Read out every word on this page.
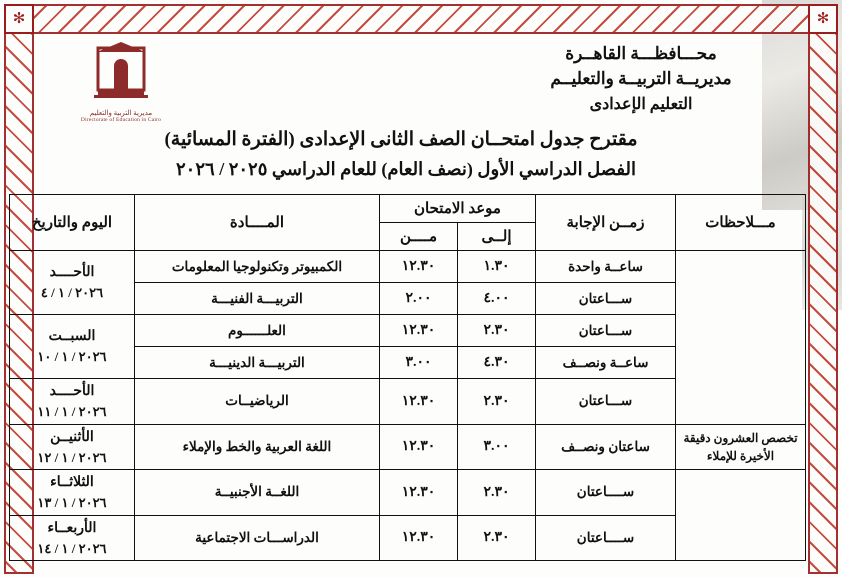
✻	✻
محـــافظـــة القاهــرة
مديريــة التربيــة والتعليــم
التعليم الإعدادى
مديرية التربية والتعليم
Directorate of Education in Cairo
مقترح جدول امتحــان الصف الثانى الإعدادى (الفترة المسائية)
الفصل الدراسي الأول (نصف العام) للعام الدراسي ٢٠٢٥ / ٢٠٢٦
مـــلاحظات	زمــن الإجابة	موعد الامتحان		المــــادة	اليوم والتاريخ
		إلــى	مــــن		
	ساعــة واحدة	١.٣٠	١٢.٣٠	الكمبيوتر وتكنولوجيا المعلومات	الأحــــد
٢٠٢٦ / ١ / ٤

	ســـاعتان	٤.٠٠	٢.٠٠	التربيـــة الفنيـــة	
	ســـاعتان	٢.٣٠	١٢.٣٠	العلــــــوم	السبــت
٢٠٢٦ / ١ / ١٠

	ساعــة ونصــف	٤.٣٠	٣.٠٠	التربيـــة الدينيـــة	
	ســـاعتان	٢.٣٠	١٢.٣٠	الرياضيــات	الأحــــد
٢٠٢٦ / ١ / ١١

تخصص العشرون دقيقة الأخيرة للإملاء	ساعتان ونصــف	٣.٠٠	١٢.٣٠	اللغة العربية والخط والإملاء	الأثنيــن
٢٠٢٦ / ١ / ١٢

	ســــاعتان	٢.٣٠	١٢.٣٠	اللغــة الأجنبيــة	الثلاثــاء
٢٠٢٦ / ١ / ١٣

	ســــاعتان	٢.٣٠	١٢.٣٠	الدراســـات الاجتماعية	الأربعــاء
٢٠٢٦ / ١ / ١٤
